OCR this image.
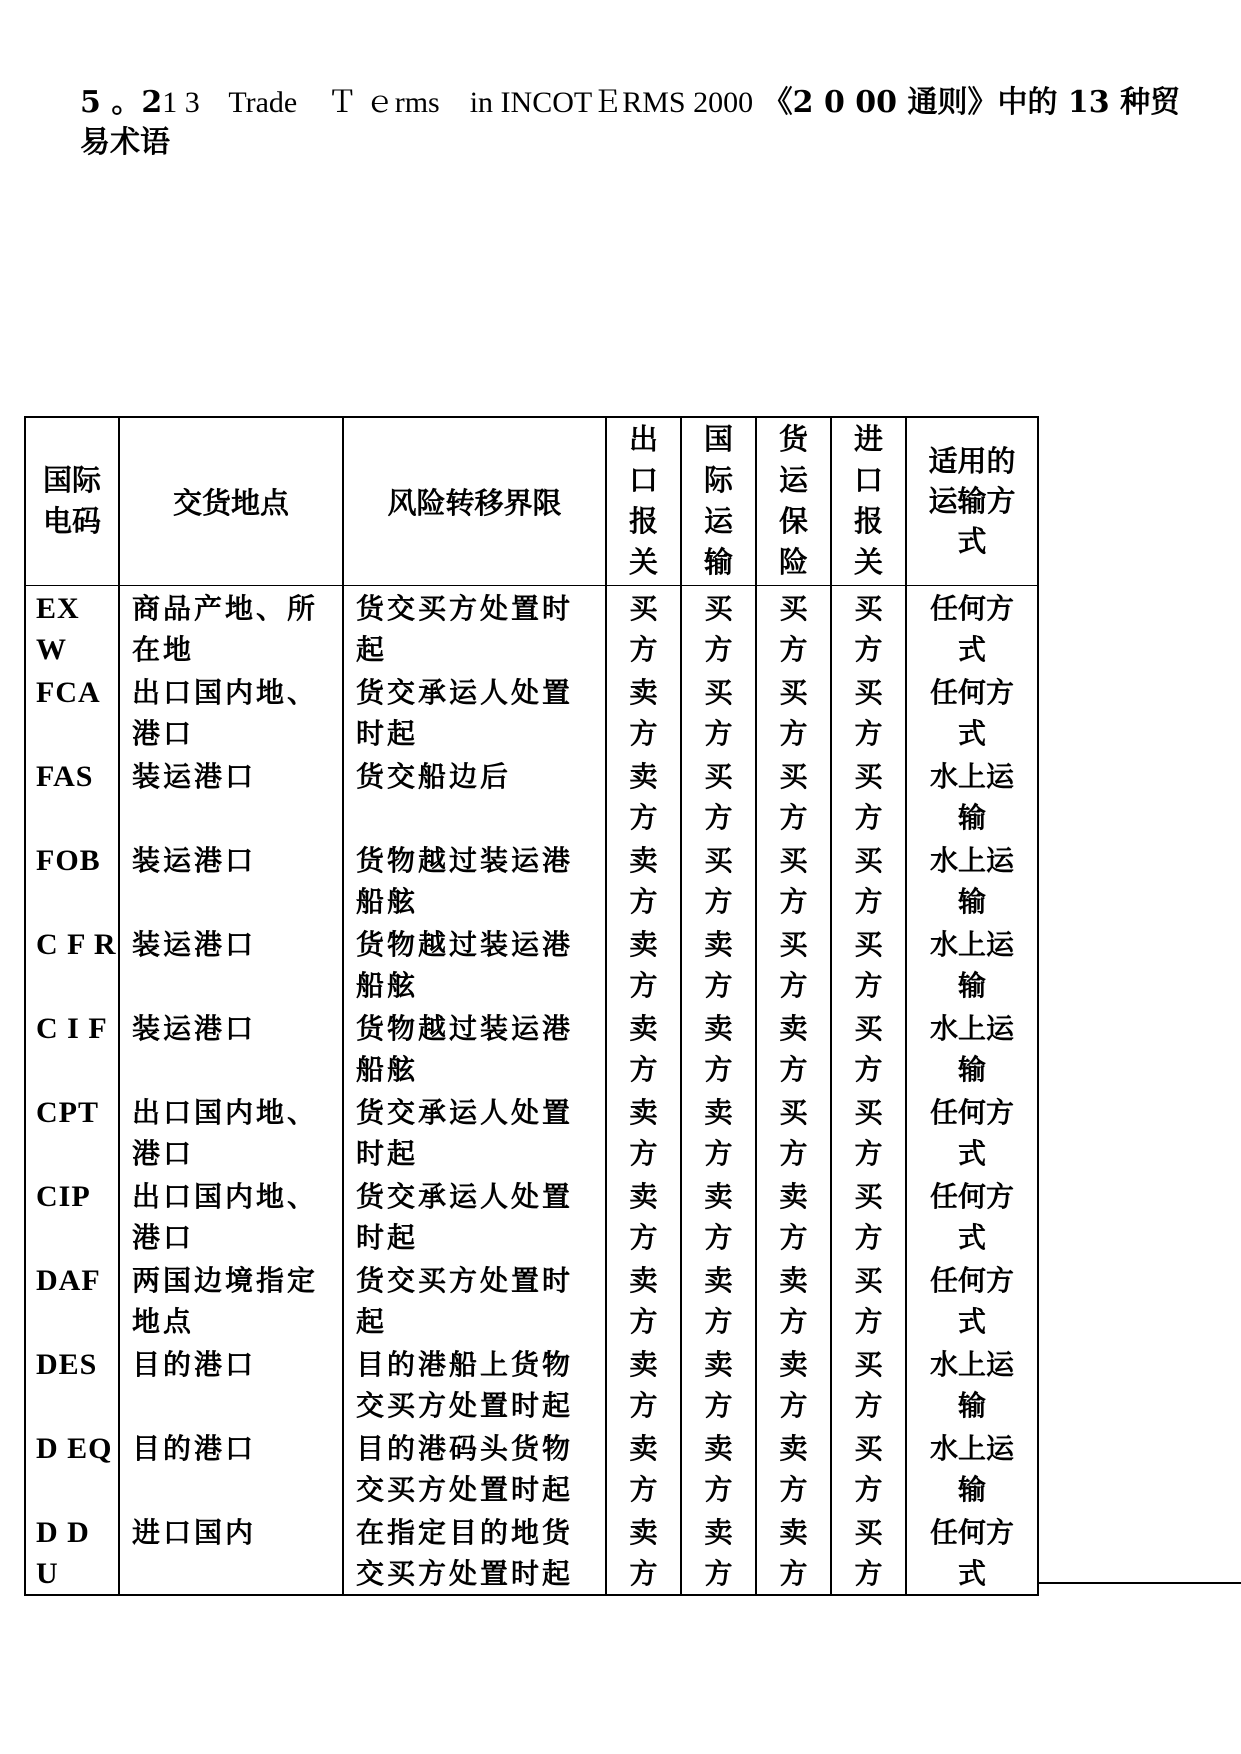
5 。21 3 Trade　Ｔ ｅrms　in INCOTＥRMS 2000 《2 0 00 通则》中的 13 种贸易术语
国际
电码	交货地点	风险转移界限	出
口
报
关	国
际
运
输	货
运
保
险	进
口
报
关	适用的运输方式

EX W	商品产地、所在地	货交买方处置时起	买
方	买
方	买
方	买
方	任何方式

FCA	出口国内地、港口	货交承运人处置时起	卖
方	买
方	买
方	买
方	任何方式

FAS	装运港口	货交船边后	卖
方	买
方	买
方	买
方	水上运输

FOB	装运港口	货物越过装运港船舷	卖
方	买
方	买
方	买
方	水上运输

C F R	装运港口	货物越过装运港船舷	卖
方	卖
方	买
方	买
方	水上运输

C I F	装运港口	货物越过装运港船舷	卖
方	卖
方	卖
方	买
方	水上运输

CPT	出口国内地、港口	货交承运人处置时起	卖
方	卖
方	买
方	买
方	任何方式

CIP	出口国内地、港口	货交承运人处置时起	卖
方	卖
方	卖
方	买
方	任何方式

DAF	两国边境指定地点	货交买方处置时起	卖
方	卖
方	卖
方	买
方	任何方式

DES	目的港口	目的港船上货物交买方处置时起	卖
方	卖
方	卖
方	买
方	水上运输

D EQ	目的港口	目的港码头货物交买方处置时起	卖
方	卖
方	卖
方	买
方	水上运输

D D U	进口国内	在指定目的地货交买方处置时起	卖
方	卖
方	卖
方	买
方	任何方式
